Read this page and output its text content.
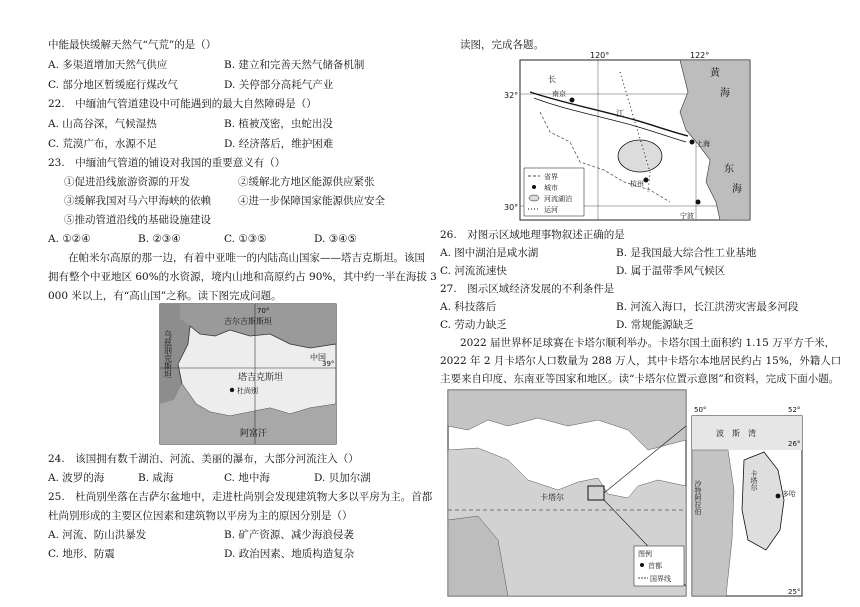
中能最快缓解天然气“气荒”的是（）
A. 多渠道增加天然气供应	B. 建立和完善天然气储备机制
C. 部分地区暂缓庭行煤改气	D. 关停部分高耗气产业
22.　中缅油气管道建设中可能遇到的最大自然障碍是（）
A. 山高谷深，气候湿热	B. 植被茂密，虫蛇出没
C. 荒漠广布，水源不足	D. 经济落后，维护困难
23.　中缅油气管道的铺设对我国的重要意义有（）
①促进沿线旅游资源的开发	②缓解北方地区能源供应紧张
③缓解我国对马六甲海峡的依赖	④进一步保障国家能源供应安全
⑤推动管道沿线的基础设施建设
A. ①②④	B. ②③④	C. ①③⑤	D. ③④⑤
在帕米尔高原的那一边，有着中亚唯一的内陆高山国家——塔吉克斯坦。该国
拥有整个中亚地区 60%的水资源，境内山地和高原约占 90%，其中约一半在海拔 3
000 米以上，有“高山国”之称。读下图完成问题。
乌兹别克斯坦
吉尔吉斯斯坦
中国
塔吉克斯坦
杜尚别
阿富汗
70°
39°
24.　该国拥有数千湖泊、河流、美丽的瀑布，大部分河流注入（）
A. 波罗的海	B. 咸海	C. 地中海	D. 贝加尔湖
25.　杜尚别坐落在吉萨尔盆地中，走进杜尚别会发现建筑物大多以平房为主。首都
杜尚别形成的主要区位因素和建筑物以平房为主的原因分别是（）
A. 河流、防山洪暴发	B. 矿产资源、减少海浪侵袭
C. 地形、防震	D. 政治因素、地质构造复杂
读图，完成各题。
120°	122°
32°
30°
黄
海
东
海
长
江
南京
上海
杭州
宁波
省界
城市
河流湖泊
运河
26.　对图示区域地理事物叙述正确的是
A. 图中湖泊是咸水湖	B. 是我国最大综合性工业基地
C. 河流流速快	D. 属于温带季风气候区
27.　图示区域经济发展的不利条件是
A. 科技落后	B. 河流入海口，长江洪涝灾害最多河段
C. 劳动力缺乏	D. 常规能源缺乏
2022 届世界杯足球赛在卡塔尔顺利举办。卡塔尔国土面积约 1.15 万平方千米，
2022 年 2 月卡塔尔人口数量为 288 万人，其中卡塔尔本地居民约占 15%，外籍人口
主要来自印度、东南亚等国家和地区。读“卡塔尔位置示意图”和资料，完成下面小题。
卡塔尔
波　斯　湾
沙特阿拉伯	卡塔尔
多哈
50°	52°
26°
25°
图例
首都
国界线
